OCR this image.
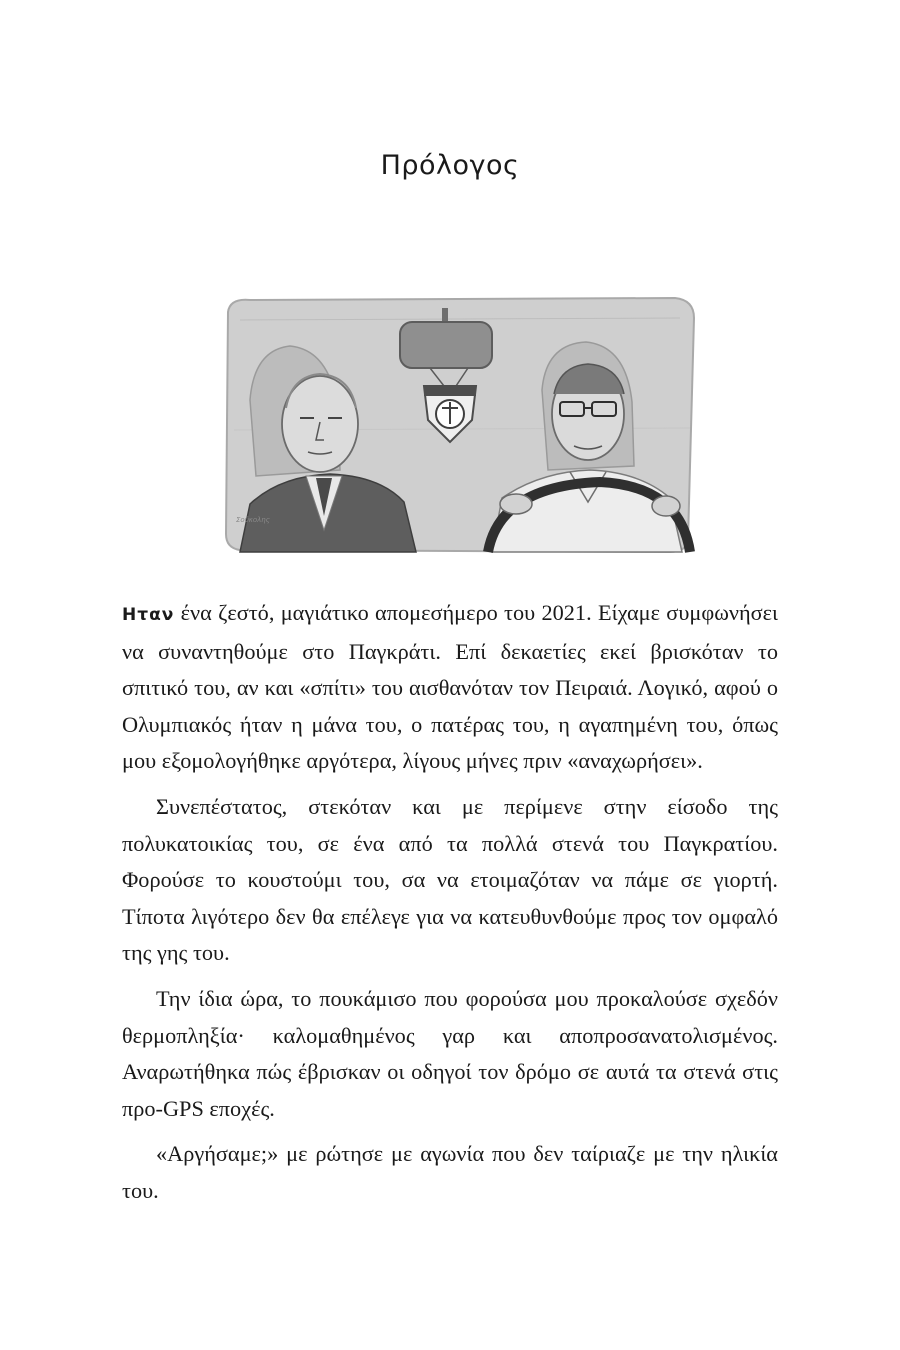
Πρόλογος
Σούκολης

Ηταν ένα ζεστό, μαγιάτικο απομεσήμερο του 2021. Είχαμε συμφωνήσει να συναντηθούμε στο Παγκράτι. Επί δεκαετίες εκεί βρισκόταν το σπιτικό του, αν και «σπίτι» του αισθανόταν τον Πειραιά. Λογικό, αφού ο Ολυμπιακός ήταν η μάνα του, ο πατέρας του, η αγαπημένη του, όπως μου εξομολογήθηκε αργότερα, λίγους μήνες πριν «αναχωρήσει».

Συνεπέστατος, στεκόταν και με περίμενε στην είσοδο της πολυκατοικίας του, σε ένα από τα πολλά στενά του Παγκρατίου. Φορούσε το κουστούμι του, σα να ετοιμαζόταν να πάμε σε γιορτή. Τίποτα λιγότερο δεν θα επέλεγε για να κατευθυνθούμε προς τον ομφαλό της γης του.

Την ίδια ώρα, το πουκάμισο που φορούσα μου προκαλούσε σχεδόν θερμοπληξία· καλομαθημένος γαρ και αποπροσανατολισμένος. Αναρωτήθηκα πώς έβρισκαν οι οδηγοί τον δρόμο σε αυτά τα στενά στις προ-GPS εποχές.

«Αργήσαμε;» με ρώτησε με αγωνία που δεν ταίριαζε με την ηλικία του.
